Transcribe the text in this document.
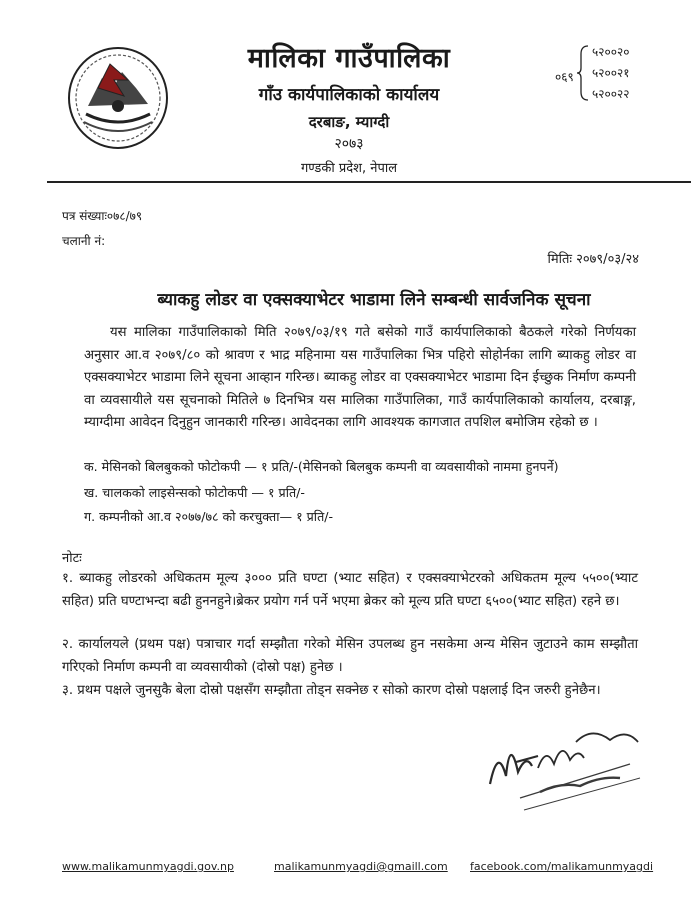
मालिका गाउँपालिका
गाँउ कार्यपालिकाको कार्यालय
दरबाङ, म्याग्दी
२०७३
गण्डकी प्रदेश, नेपाल
०६९
५२००२०
५२००२१
५२००२२
पत्र संख्याः०७८/७९
चलानी नं:
मितिः २०७९/०३/२४
ब्याकहु लोडर वा एक्सक्याभेटर भाडामा लिने सम्बन्धी सार्वजनिक सूचना
यस मालिका गाउँपालिकाको मिति २०७९/०३/१९ गते बसेको गाउँ कार्यपालिकाको बैठकले गरेको निर्णयका अनुसार आ.व २०७९/८० को श्रावण र भाद्र महिनामा यस गाउँपालिका भित्र पहिरो सोहोर्नका लागि ब्याकहु लोडर वा एक्सक्याभेटर भाडामा लिने सूचना आव्हान गरिन्छ। ब्याकहु लोडर वा एक्सक्याभेटर भाडामा दिन ईच्छुक निर्माण कम्पनी वा व्यवसायीले यस सूचनाको मितिले ७ दिनभित्र यस मालिका गाउँपालिका, गाउँ कार्यपालिकाको कार्यालय, दरबाङ्ग, म्याग्दीमा आवेदन दिनुहुन जानकारी गरिन्छ। आवेदनका लागि आवश्यक कागजात तपशिल बमोजिम रहेको छ ।
क. मेसिनको बिलबुकको फोटोकपी — १ प्रति/-(मेसिनको बिलबुक कम्पनी वा व्यवसायीको नाममा हुनपर्ने)
ख. चालकको लाइसेन्सको फोटोकपी — १ प्रति/-
ग. कम्पनीको आ.व २०७७/७८ को करचुक्ता— १ प्रति/-
नोटः
१. ब्याकहु लोडरको अधिकतम मूल्य ३००० प्रति घण्टा (भ्याट सहित) र एक्सक्याभेटरको अधिकतम मूल्य ५५००(भ्याट सहित) प्रति घण्टाभन्दा बढी हुननहुने।ब्रेकर प्रयोग गर्न पर्ने भएमा ब्रेकर को मूल्य प्रति घण्टा ६५००(भ्याट सहित) रहने छ।
२. कार्यालयले (प्रथम पक्ष) पत्राचार गर्दा सम्झौता गरेको मेसिन उपलब्ध हुन नसकेमा अन्य मेसिन जुटाउने काम सम्झौता गरिएको निर्माण कम्पनी वा व्यवसायीको (दोस्रो पक्ष) हुनेछ ।
३. प्रथम पक्षले जुनसुकै बेला दोस्रो पक्षसँग सम्झौता तोड्न सक्नेछ र सोको कारण दोस्रो पक्षलाई दिन जरुरी हुनेछैन।
www.malikamunmyagdi.gov.np	malikamunmyagdi@gmaill.com facebook.com/malikamunmyagdi
